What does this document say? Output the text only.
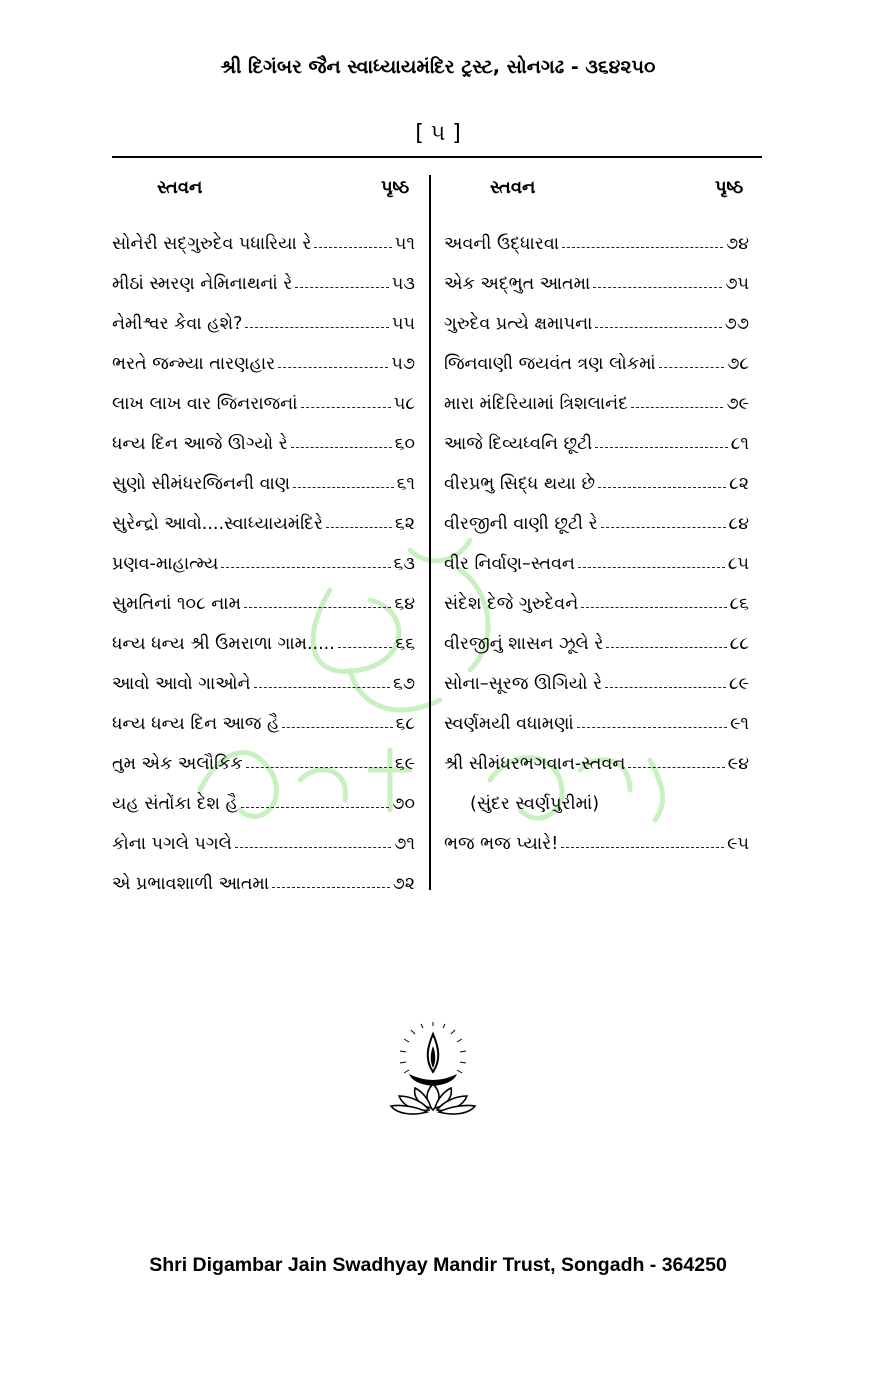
શ્રી દિગંબર જૈન સ્વાધ્યાયમંદિર ટ્રસ્ટ, સોનગઢ - ૩૬૪૨૫૦
[ ૫ ]
સ્તવન	પૃષ્ઠ	સ્તવન	પૃષ્ઠ
સોનેરી સદ્ગુરુદેવ પધારિયા રે	૫૧
મીઠાં સ્મરણ નેમિનાથનાં રે	૫૩
નેમીશ્વર કેવા હશે?	૫૫
ભરતે જન્મ્યા તારણહાર	૫૭
લાખ લાખ વાર જિનરાજનાં	૫૮
ધન્ય દિન આજે ઊગ્યો રે	૬૦
સુણો સીમંધરજિનની વાણ	૬૧
સુરેન્દ્રો આવો....સ્વાધ્યાયમંદિરે	૬૨
પ્રણવ-માહાત્મ્ય	૬૩
સુમતિનાં ૧૦૮ નામ	૬૪
ધન્ય ધન્ય શ્રી ઉમરાળા ગામ.....	૬૬
આવો આવો ગાઓને	૬૭
ધન્ય ધન્ય દિન આજ હૈ	૬૮
તુમ એક અલૌકિક	૬૯
યહ સંતોંકા દેશ હૈ	૭૦
કોના પગલે પગલે	૭૧
એ પ્રભાવશાળી આતમા	૭૨
અવની ઉદ્ધારવા	૭૪
એક અદ્ભુત આતમા	૭૫
ગુરુદેવ પ્રત્યે ક્ષમાપના	૭૭
જિનવાણી જયવંત ત્રણ લોકમાં	૭૮
મારા મંદિરિયામાં ત્રિશલાનંદ	૭૯
આજે દિવ્યધ્વનિ છૂટી	૮૧
વીરપ્રભુ સિદ્ધ થયા છે	૮૨
વીરજીની વાણી છૂટી રે	૮૪
વીર નિર્વાણ–સ્તવન	૮૫
સંદેશ દેજે ગુરુદેવને	૮૬
વીરજીનું શાસન ઝૂલે રે	૮૮
સોના–સૂરજ ઊગિયો રે	૮૯
સ્વર્ણમયી વધામણાં	૯૧
શ્રી સીમંધરભગવાન-સ્તવન	૯૪
(સુંદર સ્વર્ણપુરીમાં)
ભજ ભજ પ્યારે!	૯૫
Shri Digambar Jain Swadhyay Mandir Trust, Songadh - 364250
